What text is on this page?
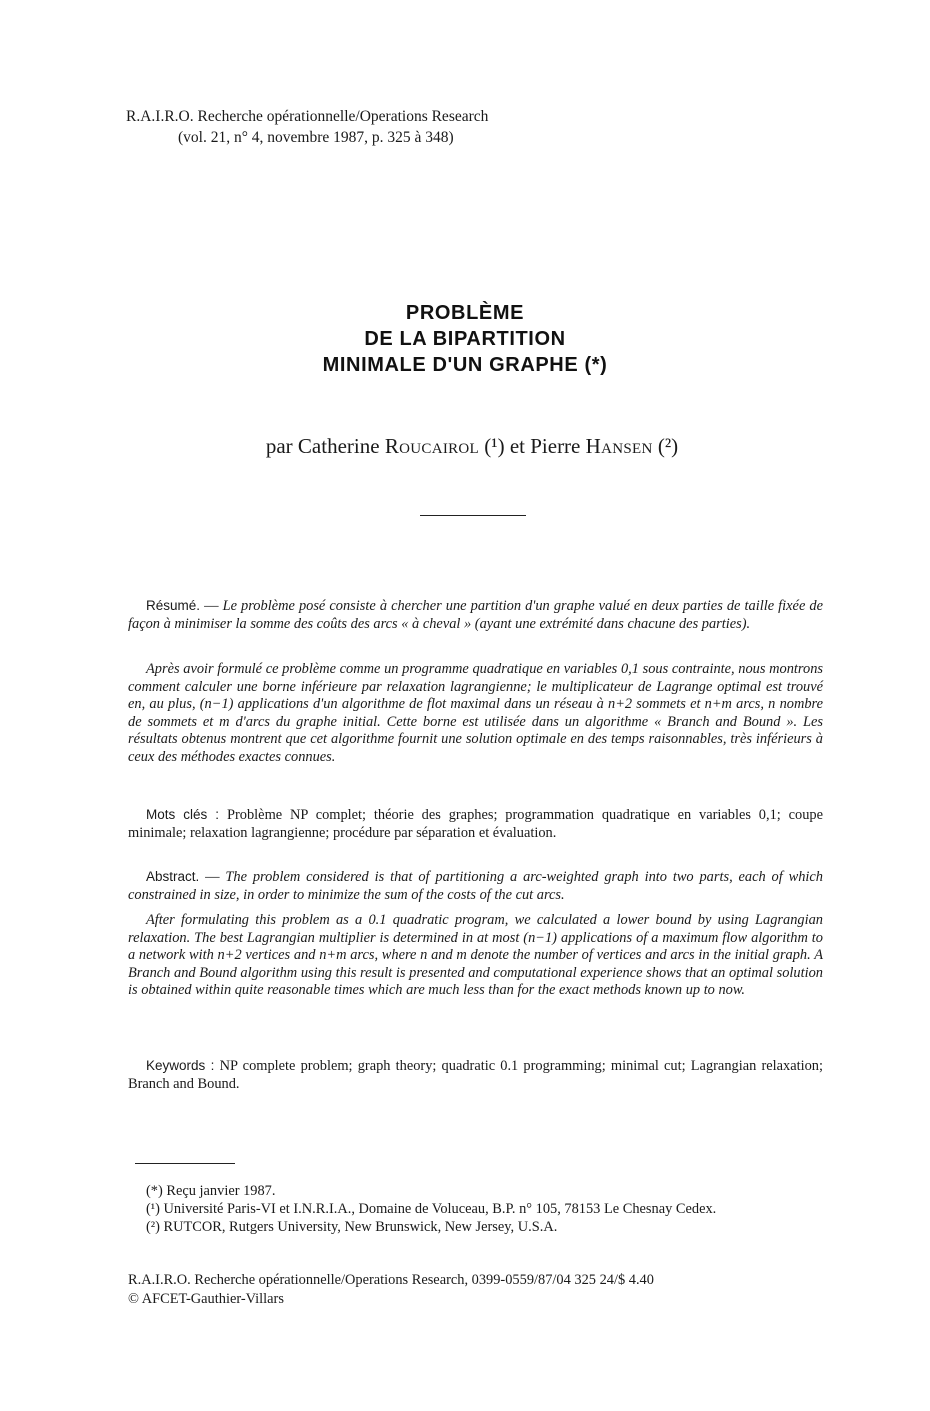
R.A.I.R.O. Recherche opérationnelle/Operations Research
(vol. 21, n° 4, novembre 1987, p. 325 à 348)
PROBLÈME
DE LA BIPARTITION
MINIMALE D'UN GRAPHE (*)
par Catherine Roucairol (¹) et Pierre Hansen (²)

Résumé. — Le problème posé consiste à chercher une partition d'un graphe valué en deux parties de taille fixée de façon à minimiser la somme des coûts des arcs « à cheval » (ayant une extrémité dans chacune des parties).

Après avoir formulé ce problème comme un programme quadratique en variables 0,1 sous contrainte, nous montrons comment calculer une borne inférieure par relaxation lagrangienne; le multiplicateur de Lagrange optimal est trouvé en, au plus, (n−1) applications d'un algorithme de flot maximal dans un réseau à n+2 sommets et n+m arcs, n nombre de sommets et m d'arcs du graphe initial. Cette borne est utilisée dans un algorithme « Branch and Bound ». Les résultats obtenus montrent que cet algorithme fournit une solution optimale en des temps raisonnables, très inférieurs à ceux des méthodes exactes connues.

Mots clés : Problème NP complet; théorie des graphes; programmation quadratique en variables 0,1; coupe minimale; relaxation lagrangienne; procédure par séparation et évaluation.

Abstract. — The problem considered is that of partitioning a arc-weighted graph into two parts, each of which constrained in size, in order to minimize the sum of the costs of the cut arcs.

After formulating this problem as a 0.1 quadratic program, we calculated a lower bound by using Lagrangian relaxation. The best Lagrangian multiplier is determined in at most (n−1) applications of a maximum flow algorithm to a network with n+2 vertices and n+m arcs, where n and m denote the number of vertices and arcs in the initial graph. A Branch and Bound algorithm using this result is presented and computational experience shows that an optimal solution is obtained within quite reasonable times which are much less than for the exact methods known up to now.

Keywords : NP complete problem; graph theory; quadratic 0.1 programming; minimal cut; Lagrangian relaxation; Branch and Bound.

(*) Reçu janvier 1987.

(¹) Université Paris-VI et I.N.R.I.A., Domaine de Voluceau, B.P. n° 105, 78153 Le Chesnay Cedex.

(²) RUTCOR, Rutgers University, New Brunswick, New Jersey, U.S.A.

R.A.I.R.O. Recherche opérationnelle/Operations Research, 0399-0559/87/04 325 24/$ 4.40
© AFCET-Gauthier-Villars
